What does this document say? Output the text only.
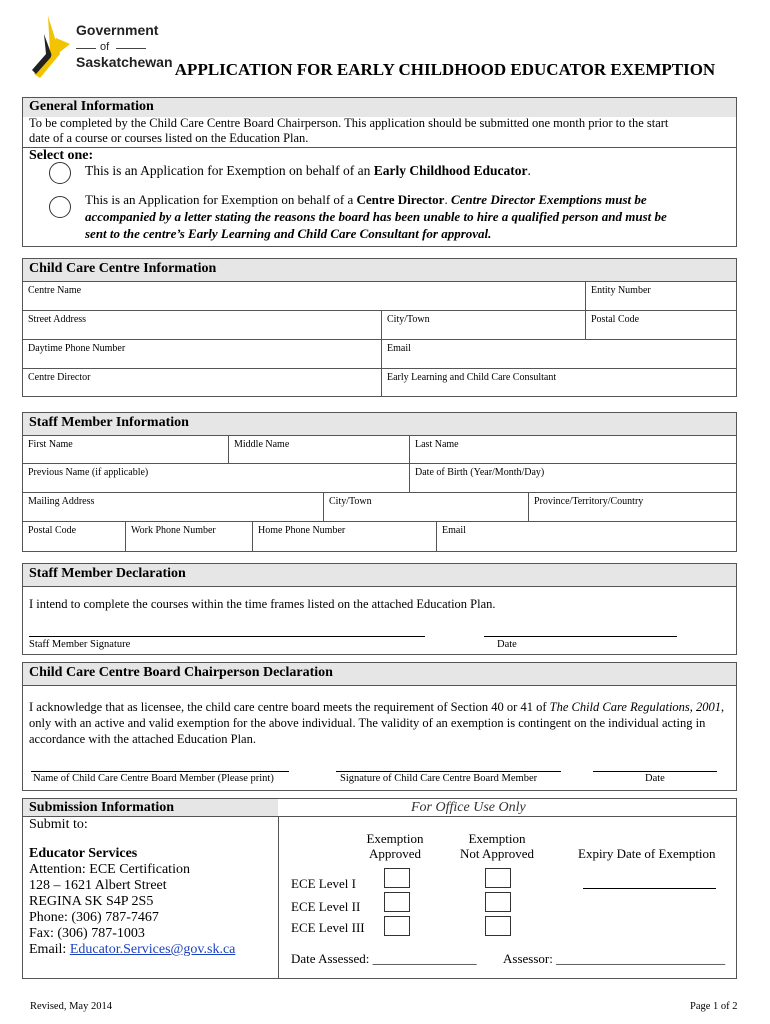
Government
of
Saskatchewan APPLICATION FOR EARLY CHILDHOOD EDUCATOR EXEMPTION
General Information
To be completed by the Child Care Centre Board Chairperson. This application should be submitted one month prior to the start
date of a course or courses listed on the Education Plan.
Select one:
This is an Application for Exemption on behalf of an Early Childhood Educator.
This is an Application for Exemption on behalf of a Centre Director. Centre Director Exemptions must be
accompanied by a letter stating the reasons the board has been unable to hire a qualified person and must be
sent to the centre’s Early Learning and Child Care Consultant for approval.
Child Care Centre Information
Centre Name	Entity Number
Street Address	City/Town	Postal Code
Daytime Phone Number	Email
Centre Director	Early Learning and Child Care Consultant
Staff Member Information
First Name	Middle Name	Last Name
Previous Name (if applicable)	Date of Birth (Year/Month/Day)
Mailing Address	City/Town	Province/Territory/Country
Postal Code	Work Phone Number	Home Phone Number	Email
Staff Member Declaration
I intend to complete the courses within the time frames listed on the attached Education Plan.
Staff Member Signature	Date
Child Care Centre Board Chairperson Declaration
I acknowledge that as licensee, the child care centre board meets the requirement of Section 40 or 41 of The Child Care Regulations, 2001,
only with an active and valid exemption for the above individual. The validity of an exemption is contingent on the individual acting in
accordance with the attached Education Plan.
Name of Child Care Centre Board Member (Please print)	Signature of Child Care Centre Board Member	Date
Submission Information	For Office Use Only
Submit to:
Educator Services
Attention: ECE Certification
128 – 1621 Albert Street
REGINA SK S4P 2S5
Phone: (306) 787-7467
Fax: (306) 787-1003
Email: Educator.Services@gov.sk.ca
Exemption
Approved
Exemption
Not Approved	Expiry Date of Exemption
ECE Level I
ECE Level II
ECE Level III
Date Assessed: ________________ Assessor: __________________________
Revised, May 2014	Page 1 of 2
